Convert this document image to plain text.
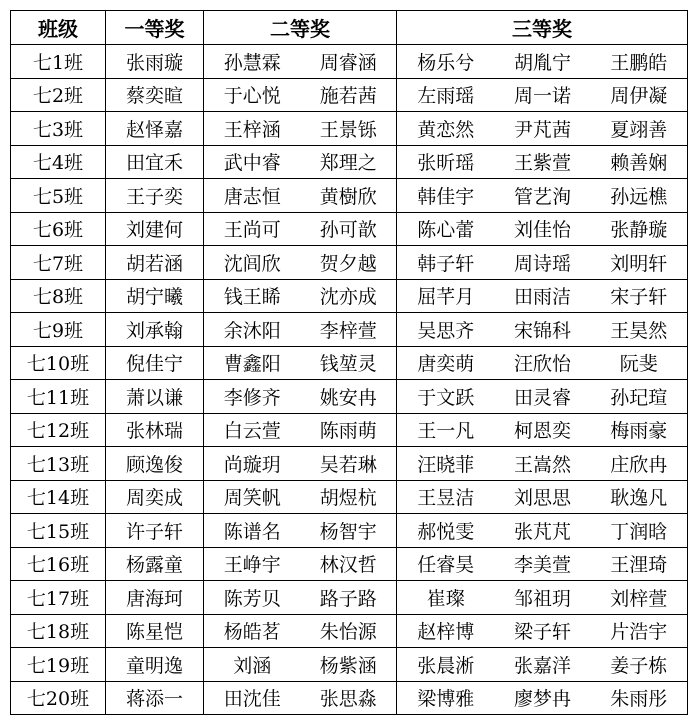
班级	一等奖	二等奖		三等奖		
七1班	张雨璇	孙慧霖	周睿涵	杨乐兮	胡胤宁	王鹏皓
七2班	蔡奕暄	于心悦	施若茜	左雨瑶	周一诺	周伊凝
七3班	赵怿嘉	王梓涵	王景铄	黄恋然	尹芃茜	夏翊善
七4班	田宜禾	武中睿	郑理之	张昕瑶	王紫萱	赖善娴
七5班	王子奕	唐志恒	黄樹欣	韩佳宇	管艺洵	孙远樵
七6班	刘建何	王尚可	孙可歆	陈心蕾	刘佳怡	张静璇
七7班	胡若涵	沈闾欣	贺夕越	韩子轩	周诗瑶	刘明轩
七8班	胡宁曦	钱王睎	沈亦成	屈芊月	田雨洁	宋子轩
七9班	刘承翰	余沐阳	李梓萱	吴思齐	宋锦科	王昊然
七10班	倪佳宁	曹鑫阳	钱堃灵	唐奕萌	汪欣怡	阮斐
七11班	萧以谦	李修齐	姚安冉	于文跃	田灵睿	孙玘瑄
七12班	张林瑞	白云萱	陈雨萌	王一凡	柯恩奕	梅雨豪
七13班	顾逸俊	尚璇玥	吴若琳	汪晓菲	王嵩然	庄欣冉
七14班	周奕成	周笑帆	胡煜杭	王昱洁	刘思思	耿逸凡
七15班	许子轩	陈谱名	杨智宇	郝悦雯	张芃芃	丁润晗
七16班	杨露童	王峥宇	林汉哲	任睿昊	李美萱	王浬琦
七17班	唐海珂	陈芳贝	路子路	崔璨	邹祖玥	刘梓萱
七18班	陈星恺	杨皓茗	朱怡源	赵梓博	梁子轩	片浩宇
七19班	童明逸	刘涵	杨紫涵	张晨淅	张嘉洋	姜子栋
七20班	蒋添一	田沈佳	张思淼	梁博雅	廖梦冉	朱雨彤
